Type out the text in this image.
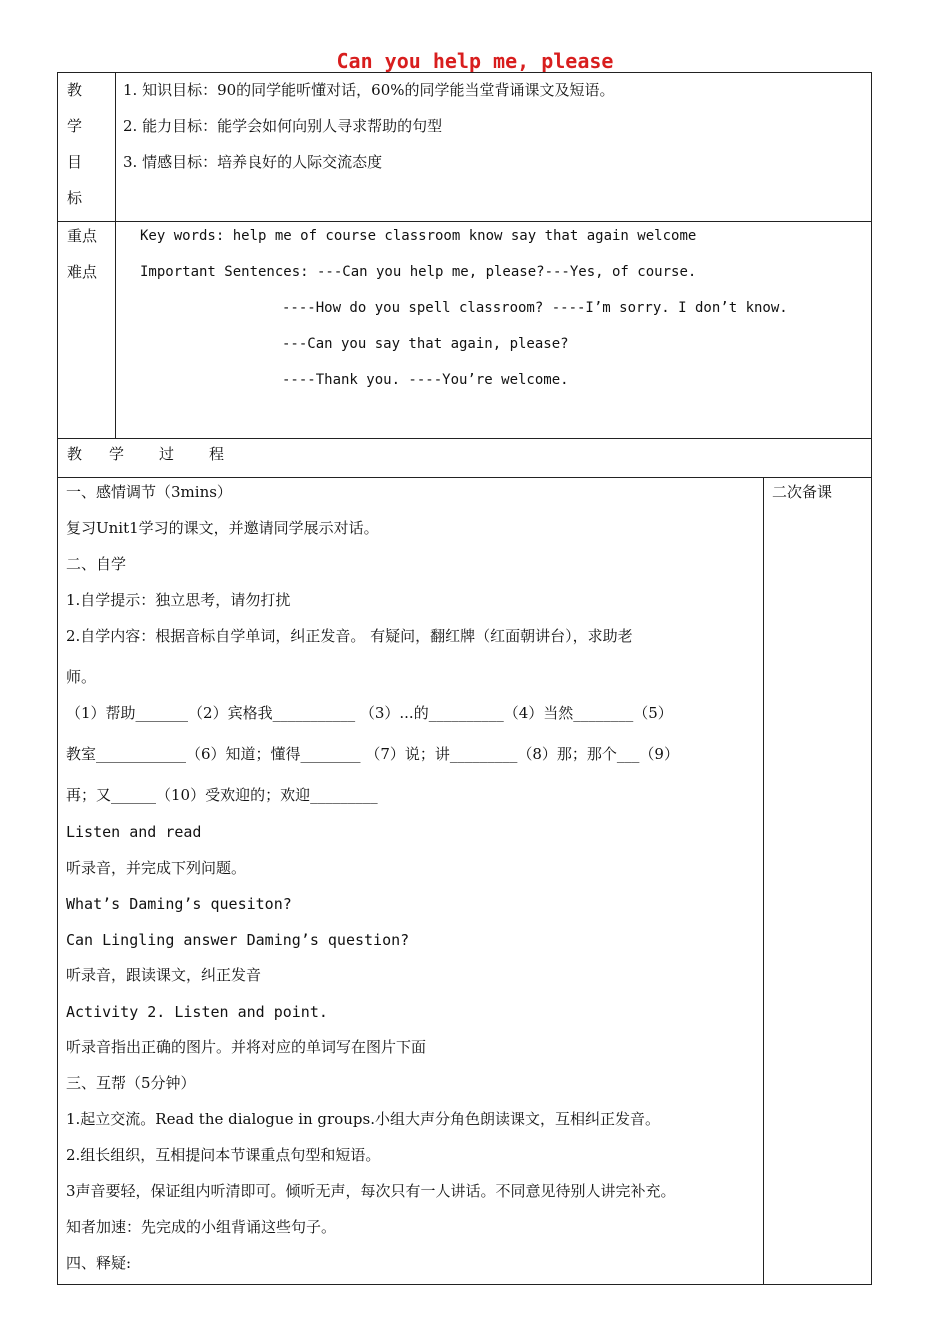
Can you help me, please
教
学
目
标
1. 知识目标：90的同学能听懂对话，60%的同学能当堂背诵课文及短语。
2. 能力目标：能学会如何向别人寻求帮助的句型
3. 情感目标：培养良好的人际交流态度
重点
难点
Key words: help me of course classroom know say that again welcome
Important Sentences: ---Can you help me, please?---Yes, of course.
----How do you spell classroom? ----I’m sorry. I don’t know.
---Can you say that again, please?
----Thank you. ----You’re welcome.
教 学 过 程
二次备课
一、感情调节（3mins）
复习Unit1学习的课文，并邀请同学展示对话。
二、自学
1.自学提示：独立思考，请勿打扰
2.自学内容：根据音标自学单词，纠正发音。 有疑问，翻红牌（红面朝讲台），求助老
师。
（1）帮助_______（2）宾格我___________ （3）...的__________（4）当然________（5）
教室____________（6）知道；懂得________ （7）说；讲_________（8）那；那个___（9）
再；又______（10）受欢迎的；欢迎_________
Listen and read
听录音，并完成下列问题。
What’s Daming’s quesiton?
Can Lingling answer Daming’s question?
听录音，跟读课文，纠正发音
Activity 2. Listen and point.
听录音指出正确的图片。并将对应的单词写在图片下面
三、互帮（5分钟）
1.起立交流。Read the dialogue in groups.小组大声分角色朗读课文，互相纠正发音。
2.组长组织，互相提问本节课重点句型和短语。
3声音要轻，保证组内听清即可。倾听无声，每次只有一人讲话。不同意见待别人讲完补充。
知者加速：先完成的小组背诵这些句子。
四、释疑:
